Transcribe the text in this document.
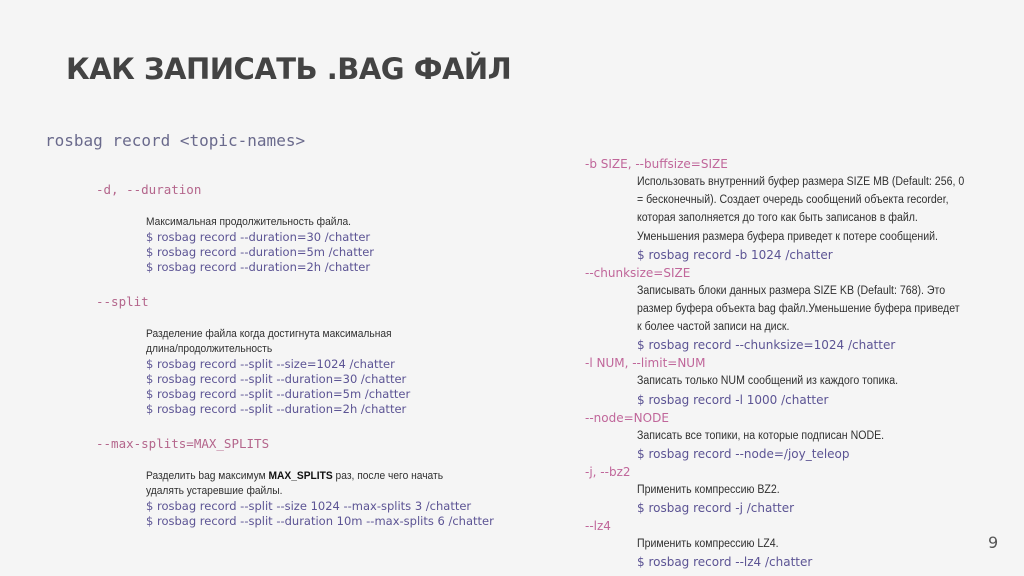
КАК ЗАПИСАТЬ .BAG ФАЙЛ
rosbag record <topic-names>
-d, --duration
Максимальная продолжительность файла.
$ rosbag record --duration=30 /chatter
$ rosbag record --duration=5m /chatter
$ rosbag record --duration=2h /chatter
--split
Разделение файла когда достигнута максимальная
длина/продолжительность
$ rosbag record --split --size=1024 /chatter
$ rosbag record --split --duration=30 /chatter
$ rosbag record --split --duration=5m /chatter
$ rosbag record --split --duration=2h /chatter
--max-splits=MAX_SPLITS
Разделить bag максимум MAX_SPLITS раз, после чего начать
удалять устаревшие файлы.
$ rosbag record --split --size 1024 --max-splits 3 /chatter
$ rosbag record --split --duration 10m --max-splits 6 /chatter
-b SIZE, --buffsize=SIZE
Использовать внутренний буфер размера SIZE MB (Default: 256, 0
= бесконечный). Создает очередь сообщений объекта recorder,
которая заполняется до того как быть записанов в файл.
Уменьшения размера буфера приведет к потере сообщений.
$ rosbag record -b 1024 /chatter
--chunksize=SIZE
Записывать блоки данных размера SIZE KB (Default: 768). Это
размер буфера объекта bag файл.Уменьшение буфера приведет
к более частой записи на диск.
$ rosbag record --chunksize=1024 /chatter
-l NUM, --limit=NUM
Записать только NUM сообщений из каждого топика.
$ rosbag record -l 1000 /chatter
--node=NODE
Записать все топики, на которые подписан NODE.
$ rosbag record --node=/joy_teleop
-j, --bz2
Применить компрессию BZ2.
$ rosbag record -j /chatter
--lz4
Применить компрессию LZ4.
$ rosbag record --lz4 /chatter
9
